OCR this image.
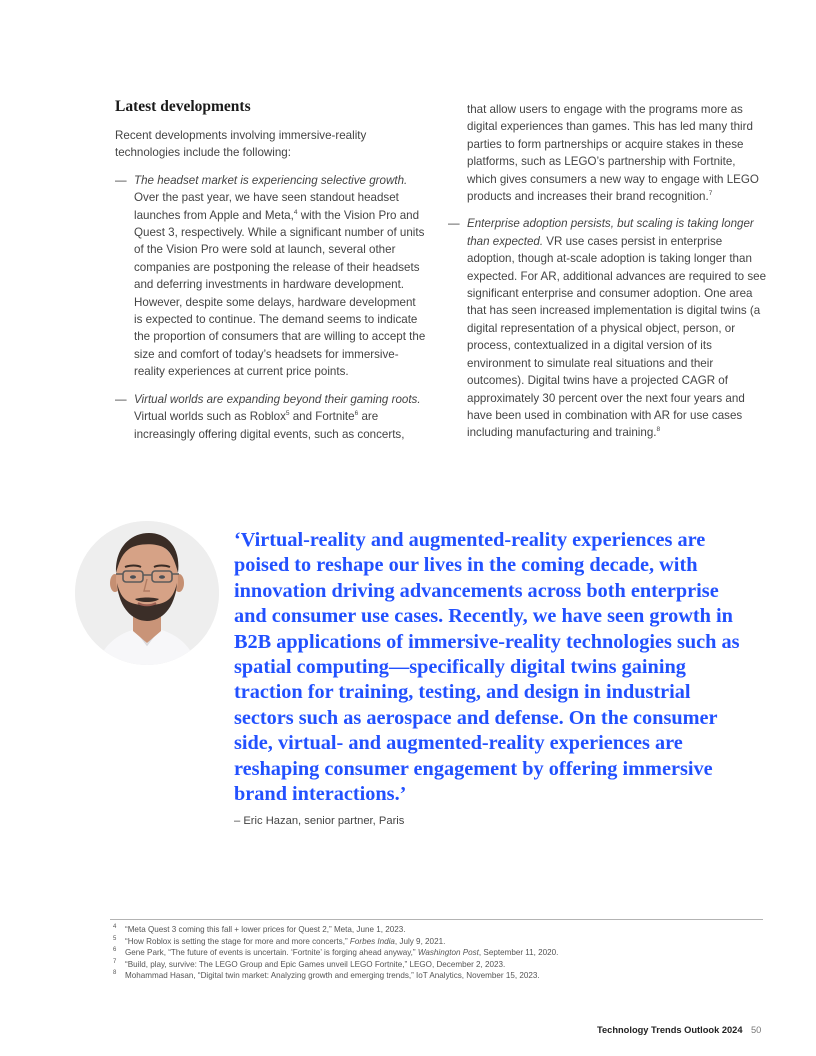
Latest developments

Recent developments involving immersive-reality technologies include the following:

— The headset market is experiencing selective growth. Over the past year, we have seen standout headset launches from Apple and Meta,$^4$ with the Vision Pro and Quest 3, respectively. While a significant number of units of the Vision Pro were sold at launch, several other companies are postponing the release of their headsets and deferring investments in hardware development. However, despite some delays, hardware development is expected to continue. The demand seems to indicate the proportion of consumers that are willing to accept the size and comfort of today’s headsets for immersive-reality experiences at current price points.

— Virtual worlds are expanding beyond their gaming roots. Virtual worlds such as Roblox$^5$ and Fortnite$^6$ are increasingly offering digital events, such as concerts,

that allow users to engage with the programs more as digital experiences than games. This has led many third parties to form partnerships or acquire stakes in these platforms, such as LEGO’s partnership with Fortnite, which gives consumers a new way to engage with LEGO products and increases their brand recognition.$^7$

— Enterprise adoption persists, but scaling is taking longer than expected. VR use cases persist in enterprise adoption, though at-scale adoption is taking longer than expected. For AR, additional advances are required to see significant enterprise and consumer adoption. One area that has seen increased implementation is digital twins (a digital representation of a physical object, person, or process, contextualized in a digital version of its environment to simulate real situations and their outcomes). Digital twins have a projected CAGR of approximately 30 percent over the next four years and have been used in combination with AR for use cases including manufacturing and training.$^8$

‘Virtual-reality and augmented-reality experiences are poised to reshape our lives in the coming decade, with innovation driving advancements across both enterprise and consumer use cases. Recently, we have seen growth in B2B applications of immersive-reality technologies such as spatial computing—specifically digital twins gaining traction for training, testing, and design in industrial sectors such as aerospace and defense. On the consumer side, virtual- and augmented-reality experiences are reshaping consumer engagement by offering immersive brand interactions.’

– Eric Hazan, senior partner, Paris

4 “Meta Quest 3 coming this fall + lower prices for Quest 2,” Meta, June 1, 2023.
5 “How Roblox is setting the stage for more and more concerts,” Forbes India, July 9, 2021.
6 Gene Park, “The future of events is uncertain. ‘Fortnite’ is forging ahead anyway,” Washington Post, September 11, 2020.
7 “Build, play, survive: The LEGO Group and Epic Games unveil LEGO Fortnite,” LEGO, December 2, 2023.
8 Mohammad Hasan, “Digital twin market: Analyzing growth and emerging trends,” IoT Analytics, November 15, 2023.
Technology Trends Outlook 2024 50
